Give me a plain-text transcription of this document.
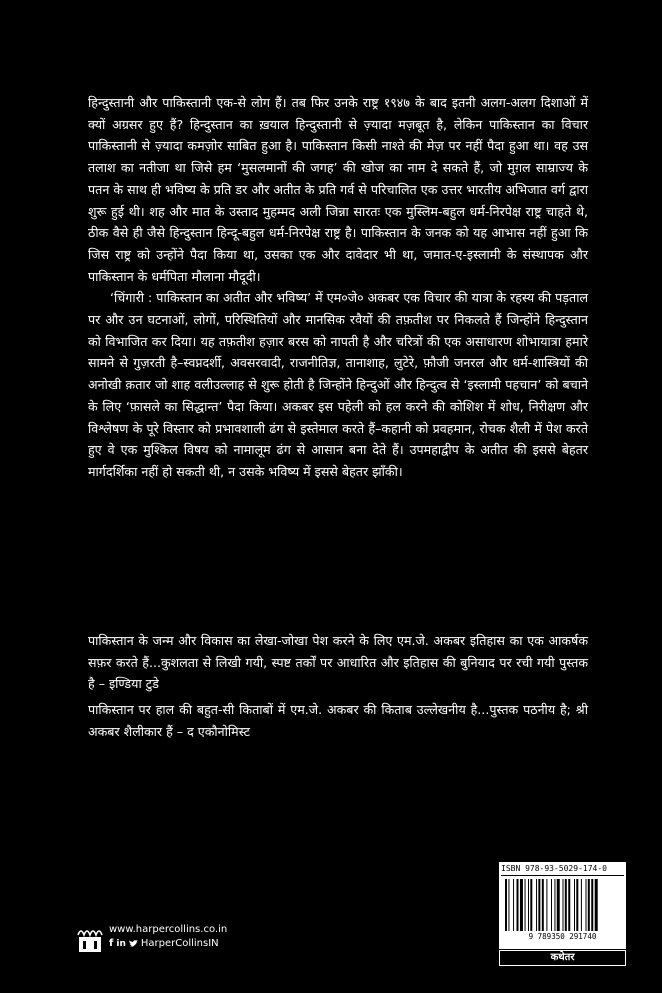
हिन्दुस्तानी और पाकिस्तानी एक-से लोग हैं। तब फिर उनके राष्ट्र १९४७ के बाद इतनी अलग-अलग दिशाओं में क्यों अग्रसर हुए हैं? हिन्दुस्तान का ख़याल हिन्दुस्तानी से ज़्यादा मज़बूत है, लेकिन पाकिस्तान का विचार पाकिस्तानी से ज़्यादा कमज़ोर साबित हुआ है। पाकिस्तान किसी नाश्ते की मेज़ पर नहीं पैदा हुआ था। वह उस तलाश का नतीजा था जिसे हम ‘मुसलमानों की जगह’ की खोज का नाम दे सकते हैं, जो मुग़ल साम्राज्य के पतन के साथ ही भविष्य के प्रति डर और अतीत के प्रति गर्व से परिचालित एक उत्तर भारतीय अभिजात वर्ग द्वारा शुरू हुई थी। शह और मात के उस्ताद मुहम्मद अली जिन्ना सारतः एक मुस्लिम-बहुल धर्म-निरपेक्ष राष्ट्र चाहते थे, ठीक वैसे ही जैसे हिन्दुस्तान हिन्दू-बहुल धर्म-निरपेक्ष राष्ट्र है। पाकिस्तान के जनक को यह आभास नहीं हुआ कि जिस राष्ट्र को उन्होंने पैदा किया था, उसका एक और दावेदार भी था, जमात-ए-इस्लामी के संस्थापक और पाकिस्तान के धर्मपिता मौलाना मौदूदी।

‘चिंगारी : पाकिस्तान का अतीत और भविष्य’ में एम०जे० अकबर एक विचार की यात्रा के रहस्य की पड़ताल पर और उन घटनाओं, लोगों, परिस्थितियों और मानसिक रवैयों की तफ़तीश पर निकलते हैं जिन्होंने हिन्दुस्तान को विभाजित कर दिया। यह तफ़तीश हज़ार बरस को नापती है और चरित्रों की एक असाधारण शोभायात्रा हमारे सामने से गुज़रती है–स्वप्नदर्शी, अवसरवादी, राजनीतिज्ञ, तानाशाह, लुटेरे, फ़ौजी जनरल और धर्म-शास्त्रियों की अनोखी क़तार जो शाह वलीउल्लाह से शुरू होती है जिन्होंने हिन्दुओं और हिन्दुत्व से ‘इस्लामी पहचान’ को बचाने के लिए ‘फ़ासले का सिद्धान्त’ पैदा किया। अकबर इस पहेली को हल करने की कोशिश में शोध, निरीक्षण और विश्लेषण के पूरे विस्तार को प्रभावशाली ढंग से इस्तेमाल करते हैं–कहानी को प्रवहमान, रोचक शैली में पेश करते हुए वे एक मुश्किल विषय को नामालूम ढंग से आसान बना देते हैं। उपमहाद्वीप के अतीत की इससे बेहतर मार्गदर्शिका नहीं हो सकती थी, न उसके भविष्य में इससे बेहतर झाँकी।

पाकिस्तान के जन्म और विकास का लेखा-जोखा पेश करने के लिए एम.जे. अकबर इतिहास का एक आकर्षक सफ़र करते हैं...कुशलता से लिखी गयी, स्पष्ट तर्कों पर आधारित और इतिहास की बुनियाद पर रची गयी पुस्तक है – इण्डिया टुडे

पाकिस्तान पर हाल की बहुत-सी किताबों में एम.जे. अकबर की किताब उल्लेखनीय है...पुस्तक पठनीय है; श्री अकबर शैलीकार हैं – द एकौनोमिस्ट

www.harpercollins.co.in
f in HarperCollinsIN
ISBN 978-93-5029-174-0
9 789350 291740
कथेतर
